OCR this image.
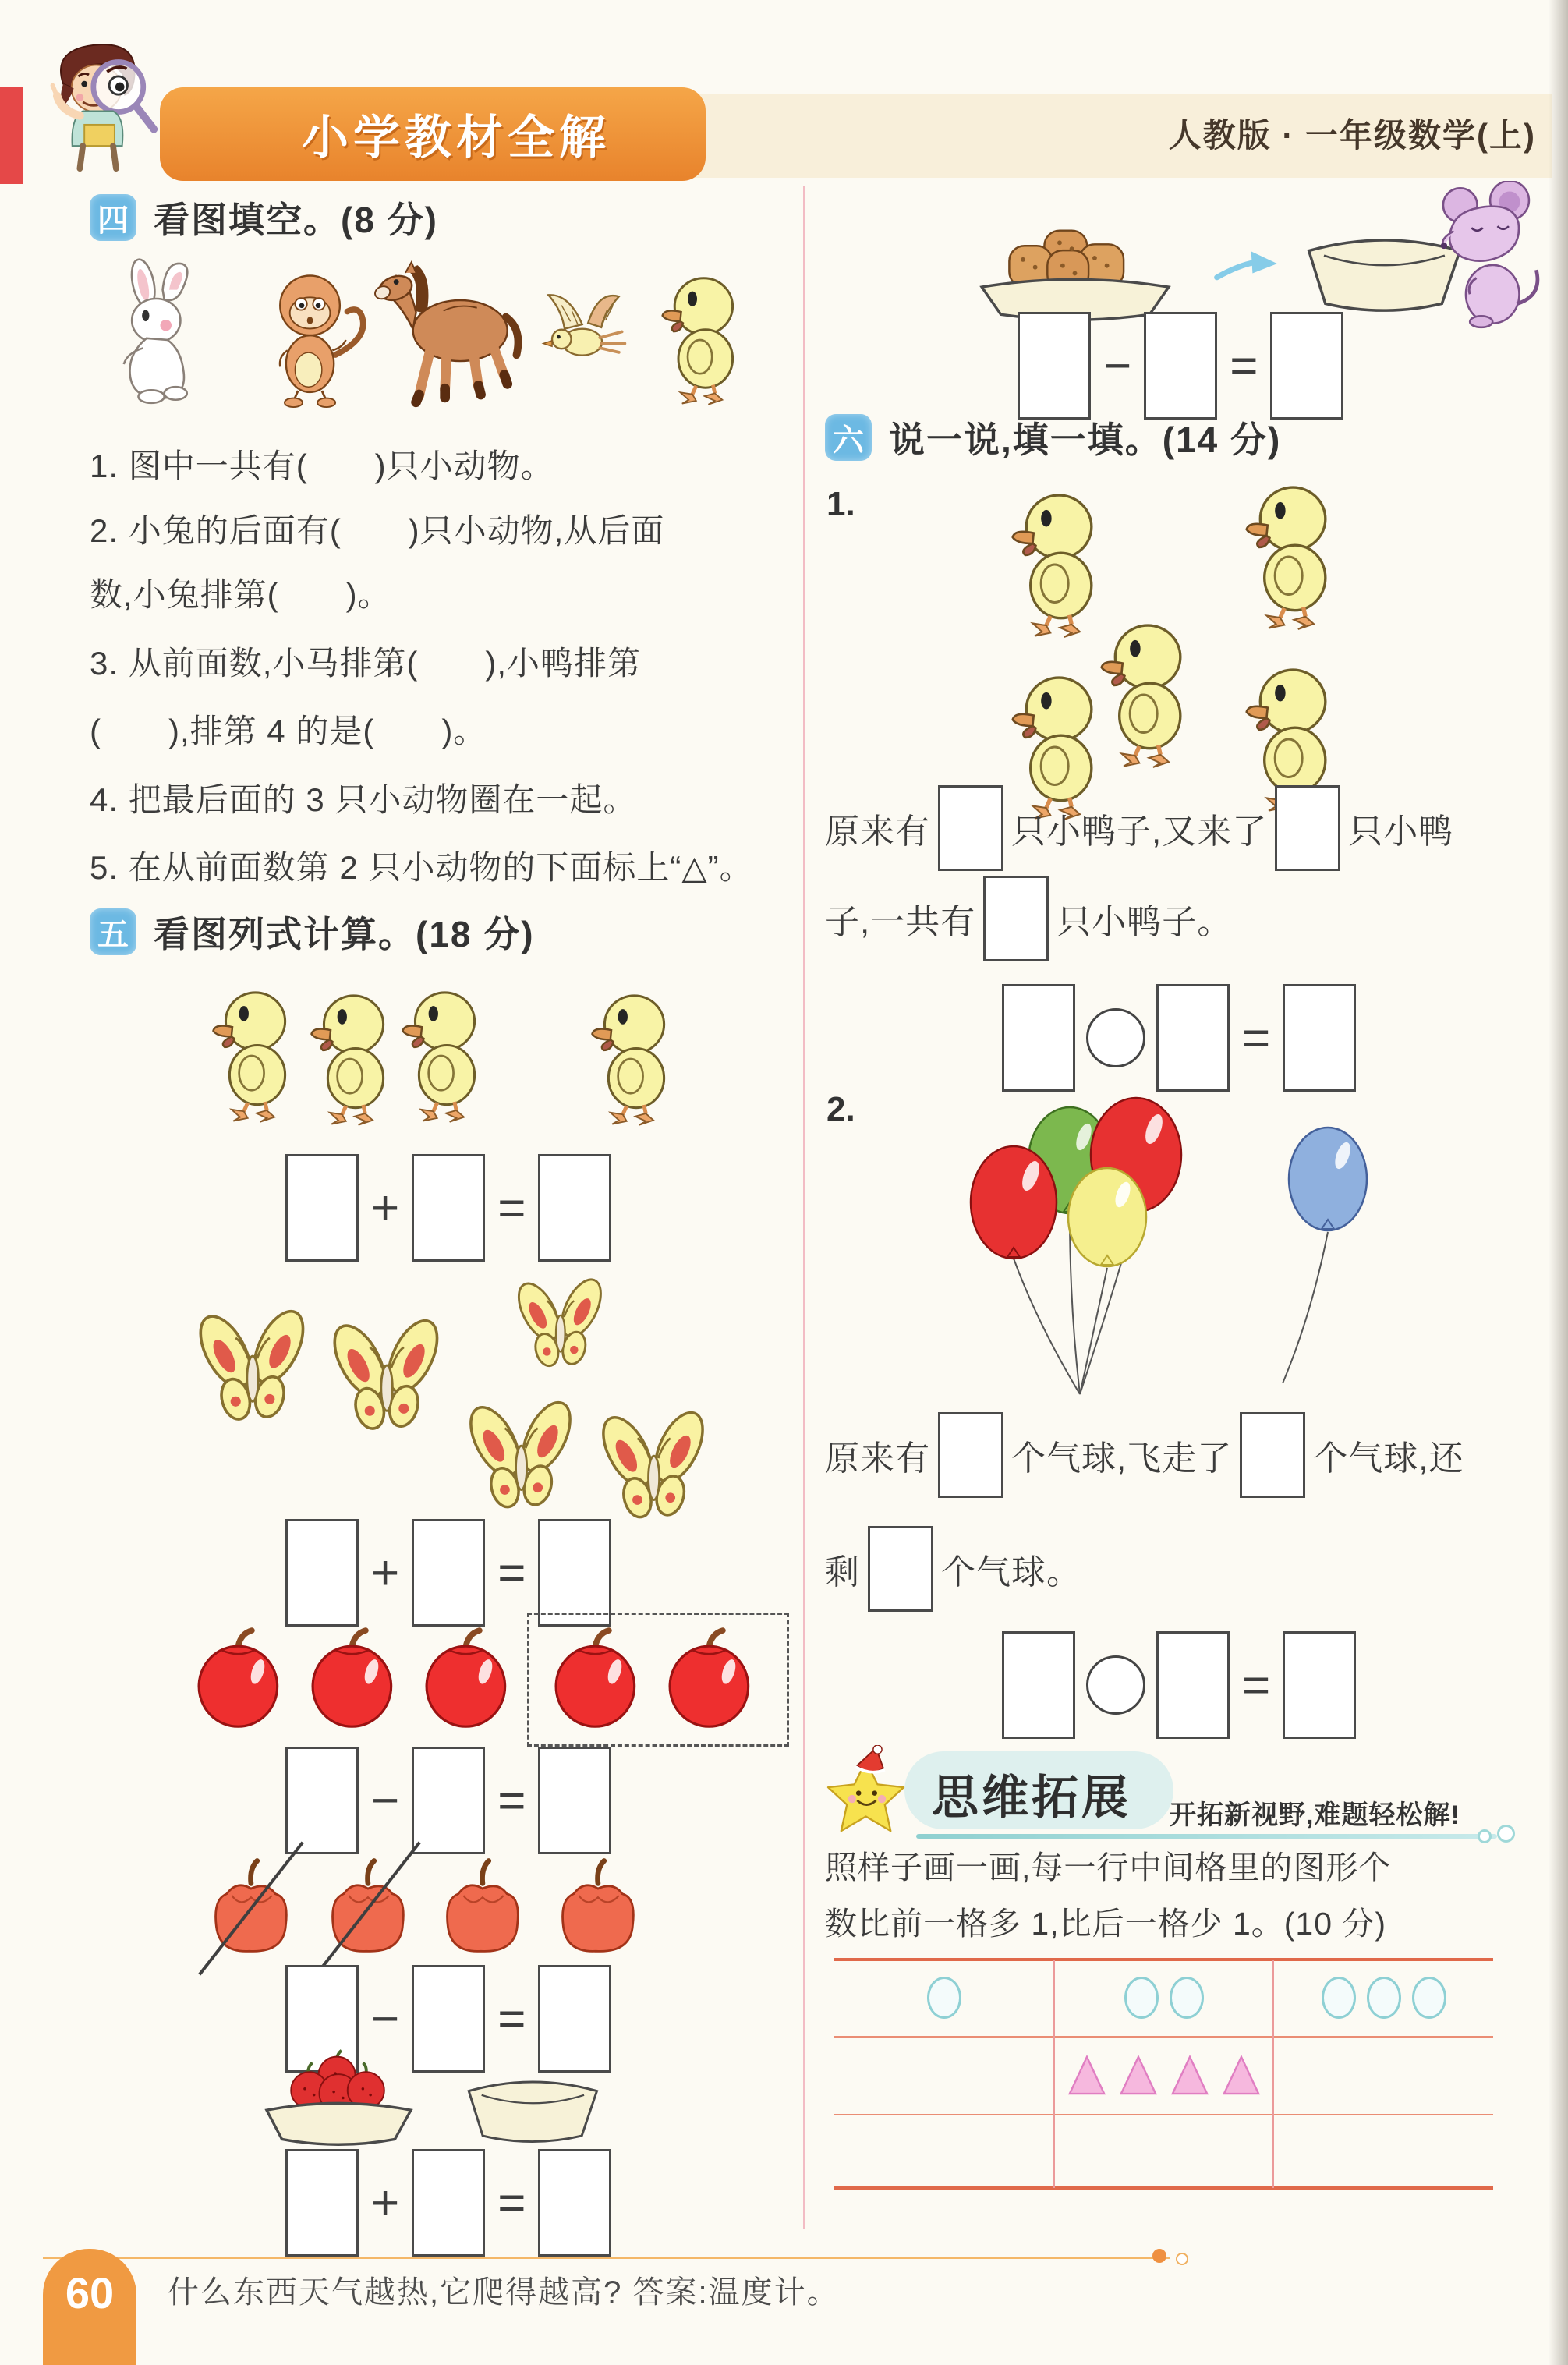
小学教材全解	人教版 · 一年级数学(上)
四 看图填空。(8 分)
1. 图中一共有(　　)只小动物。
2. 小兔的后面有(　　)只小动物,从后面
数,小兔排第(　　)。
3. 从前面数,小马排第(　　),小鸭排第
(　　),排第 4 的是(　　)。
4. 把最后面的 3 只小动物圈在一起。
5. 在从前面数第 2 只小动物的下面标上“△”。
五 看图列式计算。(18 分)
+ =
+ =
− =
− =
+ =
− =
六 说一说,填一填。(14 分)
1.
原来有 只小鸭子,又来了 只小鸭
子,一共有 只小鸭子。
=
2.
原来有 个气球,飞走了 个气球,还
剩 个气球。
=
思维拓展 开拓新视野,难题轻松解!
照样子画一画,每一行中间格里的图形个
数比前一格多 1,比后一格少 1。(10 分)
60 什么东西天气越热,它爬得越高? 答案:温度计。
